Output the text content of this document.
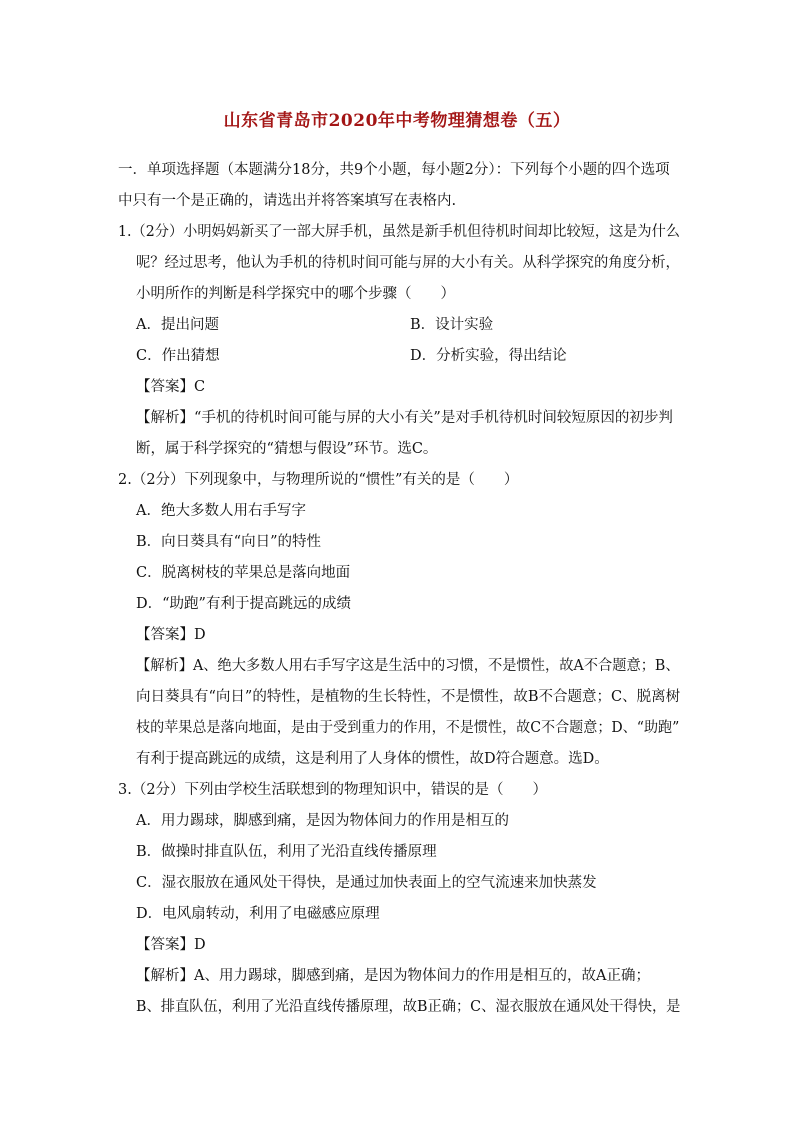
山东省青岛市2020年中考物理猜想卷（五）
一．单项选择题（本题满分18分，共9个小题，每小题2分）：下列每个小题的四个选项
中只有一个是正确的，请选出并将答案填写在表格内.
1.（2分）小明妈妈新买了一部大屏手机，虽然是新手机但待机时间却比较短，这是为什么
呢？经过思考，他认为手机的待机时间可能与屏的大小有关。从科学探究的角度分析，
小明所作的判断是科学探究中的哪个步骤（　　）
A．提出问题	B．设计实验
C．作出猜想	D．分析实验，得出结论
【答案】C
【解析】“手机的待机时间可能与屏的大小有关”是对手机待机时间较短原因的初步判
断，属于科学探究的“猜想与假设”环节。选C。
2.（2分）下列现象中，与物理所说的“惯性”有关的是（　　）
A．绝大多数人用右手写字
B．向日葵具有“向日”的特性
C．脱离树枝的苹果总是落向地面
D．“助跑”有利于提高跳远的成绩
【答案】D
【解析】A、绝大多数人用右手写字这是生活中的习惯，不是惯性，故A不合题意；B、
向日葵具有“向日”的特性，是植物的生长特性，不是惯性，故B不合题意；C、脱离树
枝的苹果总是落向地面，是由于受到重力的作用，不是惯性，故C不合题意；D、“助跑”
有利于提高跳远的成绩，这是利用了人身体的惯性，故D符合题意。选D。
3.（2分）下列由学校生活联想到的物理知识中，错误的是（　　）
A．用力踢球，脚感到痛，是因为物体间力的作用是相互的
B．做操时排直队伍，利用了光沿直线传播原理
C．湿衣服放在通风处干得快，是通过加快表面上的空气流速来加快蒸发
D．电风扇转动，利用了电磁感应原理
【答案】D
【解析】A、用力踢球，脚感到痛，是因为物体间力的作用是相互的，故A正确；
B、排直队伍，利用了光沿直线传播原理，故B正确；C、湿衣服放在通风处干得快，是
